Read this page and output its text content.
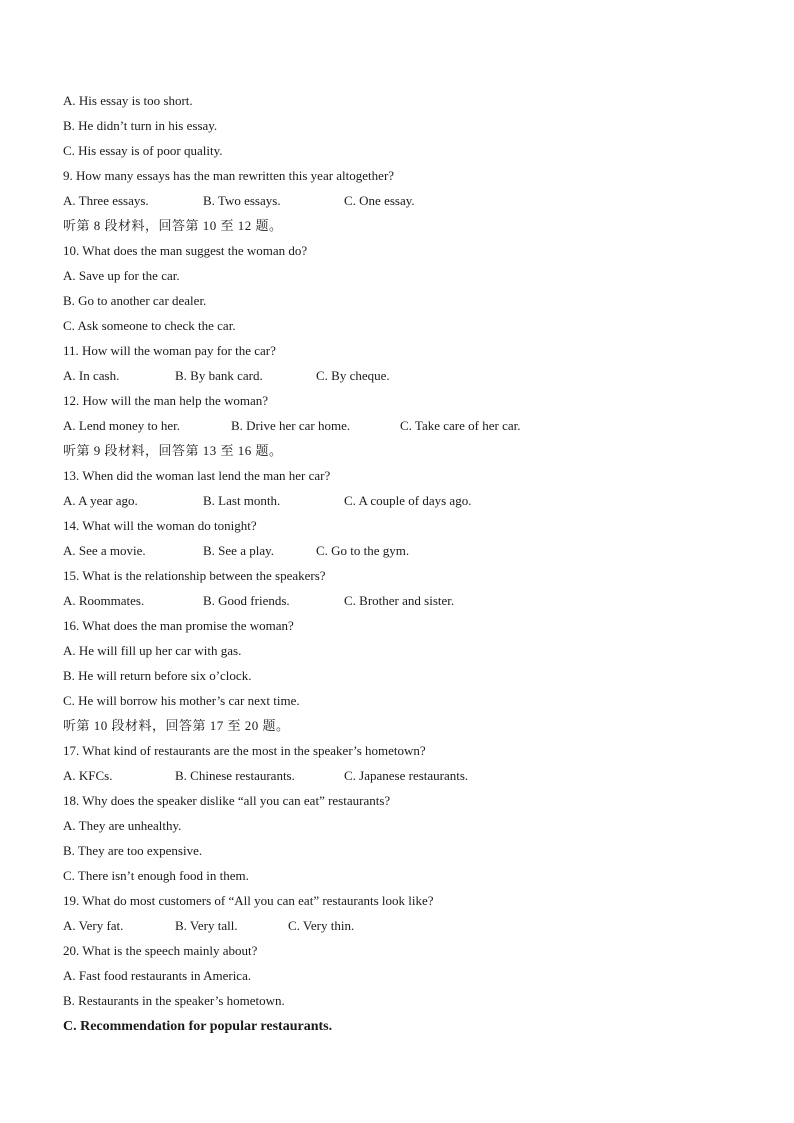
A. His essay is too short.
B. He didn’t turn in his essay.
C. His essay is of poor quality.
9. How many essays has the man rewritten this year altogether?
A. Three essays.	B. Two essays.	C. One essay.
听第 8 段材料，回答第 10 至 12 题。
10. What does the man suggest the woman do?
A. Save up for the car.
B. Go to another car dealer.
C. Ask someone to check the car.
11. How will the woman pay for the car?
A. In cash.	B. By bank card.	C. By cheque.
12. How will the man help the woman?
A. Lend money to her.	B. Drive her car home.	C. Take care of her car.
听第 9 段材料，回答第 13 至 16 题。
13. When did the woman last lend the man her car?
A. A year ago.	B. Last month.	C. A couple of days ago.
14. What will the woman do tonight?
A. See a movie.	B. See a play.	C. Go to the gym.
15. What is the relationship between the speakers?
A. Roommates.	B. Good friends.	C. Brother and sister.
16. What does the man promise the woman?
A. He will fill up her car with gas.
B. He will return before six o’clock.
C. He will borrow his mother’s car next time.
听第 10 段材料，回答第 17 至 20 题。
17. What kind of restaurants are the most in the speaker’s hometown?
A. KFCs.	B. Chinese restaurants.	C. Japanese restaurants.
18. Why does the speaker dislike “all you can eat” restaurants?
A. They are unhealthy.
B. They are too expensive.
C. There isn’t enough food in them.
19. What do most customers of “All you can eat” restaurants look like?
A. Very fat.	B. Very tall.	C. Very thin.
20. What is the speech mainly about?
A. Fast food restaurants in America.
B. Restaurants in the speaker’s hometown.
C. Recommendation for popular restaurants.
